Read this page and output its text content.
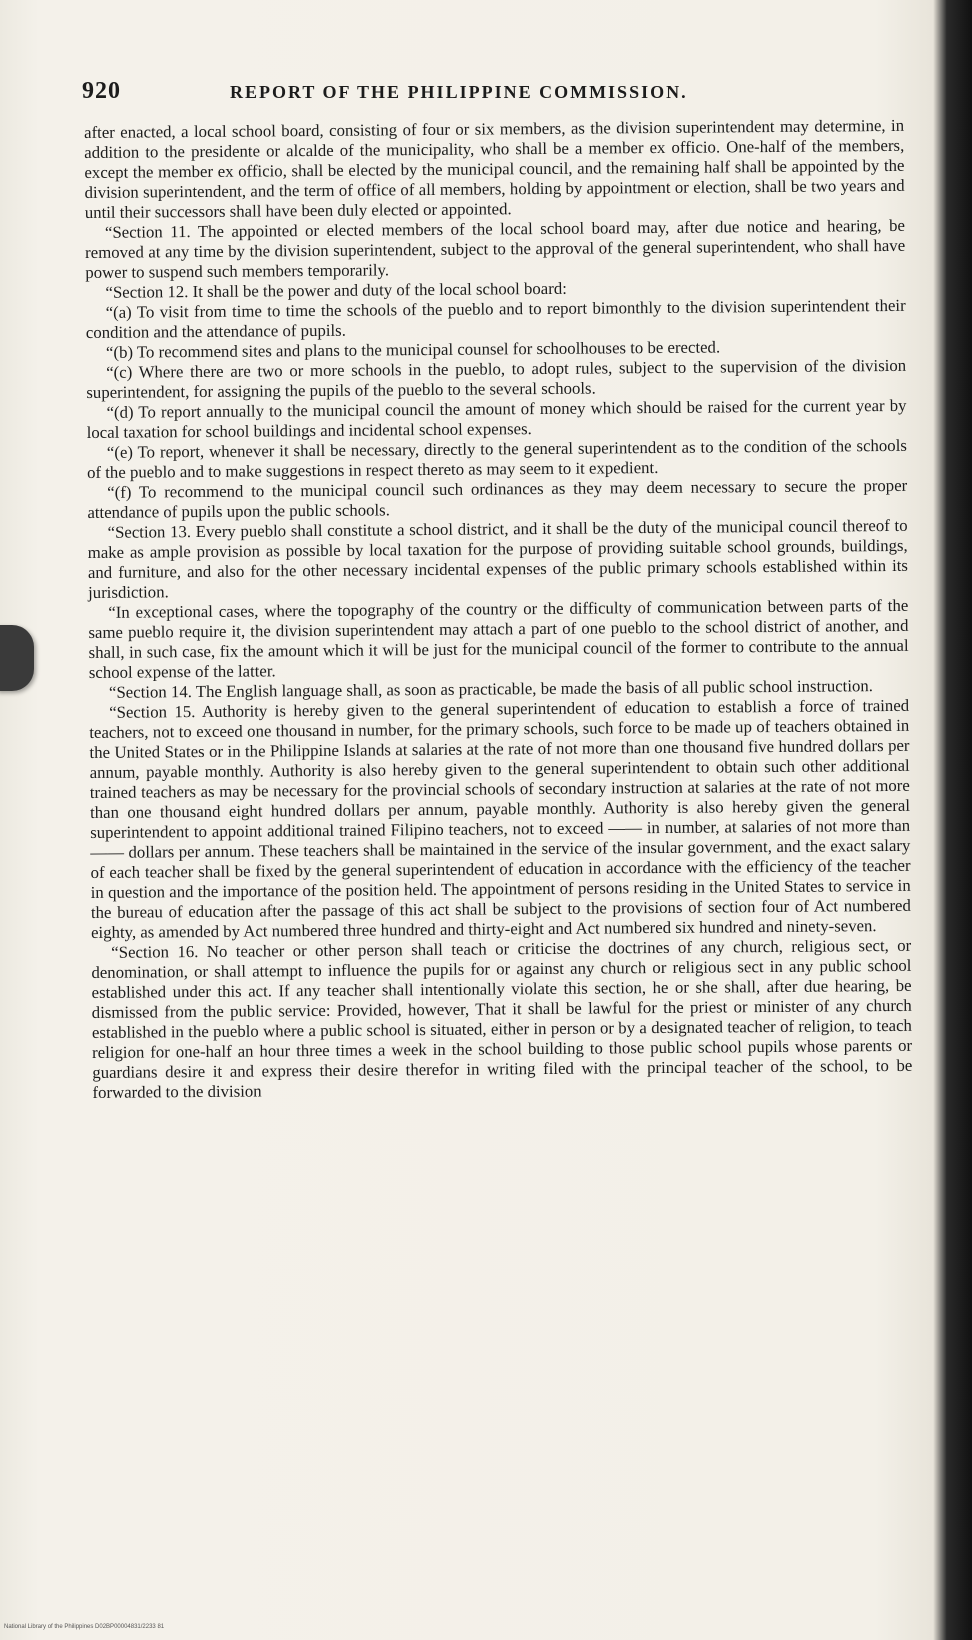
920	REPORT OF THE PHILIPPINE COMMISSION.

after enacted, a local school board, consisting of four or six members, as the division superintendent may determine, in addition to the presidente or alcalde of the municipality, who shall be a member ex officio. One-half of the members, except the member ex officio, shall be elected by the municipal council, and the remaining half shall be appointed by the division superintendent, and the term of office of all members, holding by appointment or election, shall be two years and until their successors shall have been duly elected or appointed.

“Section 11. The appointed or elected members of the local school board may, after due notice and hearing, be removed at any time by the division superintendent, subject to the approval of the general superintendent, who shall have power to suspend such members temporarily.

“Section 12. It shall be the power and duty of the local school board:

“(a) To visit from time to time the schools of the pueblo and to report bimonthly to the division superintendent their condition and the attendance of pupils.

“(b) To recommend sites and plans to the municipal counsel for schoolhouses to be erected.

“(c) Where there are two or more schools in the pueblo, to adopt rules, subject to the supervision of the division superintendent, for assigning the pupils of the pueblo to the several schools.

“(d) To report annually to the municipal council the amount of money which should be raised for the current year by local taxation for school buildings and incidental school expenses.

“(e) To report, whenever it shall be necessary, directly to the general superintendent as to the condition of the schools of the pueblo and to make suggestions in respect thereto as may seem to it expedient.

“(f) To recommend to the municipal council such ordinances as they may deem necessary to secure the proper attendance of pupils upon the public schools.

“Section 13. Every pueblo shall constitute a school district, and it shall be the duty of the municipal council thereof to make as ample provision as possible by local taxation for the purpose of providing suitable school grounds, buildings, and furniture, and also for the other necessary incidental expenses of the public primary schools established within its jurisdiction.

“In exceptional cases, where the topography of the country or the difficulty of communication between parts of the same pueblo require it, the division superintendent may attach a part of one pueblo to the school district of another, and shall, in such case, fix the amount which it will be just for the municipal council of the former to contribute to the annual school expense of the latter.

“Section 14. The English language shall, as soon as practicable, be made the basis of all public school instruction.

“Section 15. Authority is hereby given to the general superintendent of education to establish a force of trained teachers, not to exceed one thousand in number, for the primary schools, such force to be made up of teachers obtained in the United States or in the Philippine Islands at salaries at the rate of not more than one thousand five hundred dollars per annum, payable monthly. Authority is also hereby given to the general superintendent to obtain such other additional trained teachers as may be necessary for the provincial schools of secondary instruction at salaries at the rate of not more than one thousand eight hundred dollars per annum, payable monthly. Authority is also hereby given the general superintendent to appoint additional trained Filipino teachers, not to exceed —— in number, at salaries of not more than —— dollars per annum. These teachers shall be maintained in the service of the insular government, and the exact salary of each teacher shall be fixed by the general superintendent of education in accordance with the efficiency of the teacher in question and the importance of the position held. The appointment of persons residing in the United States to service in the bureau of education after the passage of this act shall be subject to the provisions of section four of Act numbered eighty, as amended by Act numbered three hundred and thirty-eight and Act numbered six hundred and ninety-seven.

“Section 16. No teacher or other person shall teach or criticise the doctrines of any church, religious sect, or denomination, or shall attempt to influence the pupils for or against any church or religious sect in any public school established under this act. If any teacher shall intentionally violate this section, he or she shall, after due hearing, be dismissed from the public service: Provided, however, That it shall be lawful for the priest or minister of any church established in the pueblo where a public school is situated, either in person or by a designated teacher of religion, to teach religion for one-half an hour three times a week in the school building to those public school pupils whose parents or guardians desire it and express their desire therefor in writing filed with the principal teacher of the school, to be forwarded to the division

National Library of the Philippines D02BP00004831/2233 81
